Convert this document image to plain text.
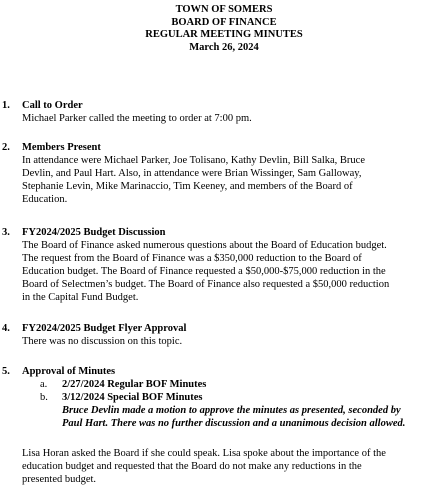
TOWN OF SOMERS
BOARD OF FINANCE
REGULAR MEETING MINUTES
March 26, 2024
1. Call to Order
Michael Parker called the meeting to order at 7:00 pm.
2. Members Present
In attendance were Michael Parker, Joe Tolisano, Kathy Devlin, Bill Salka, Bruce
Devlin, and Paul Hart. Also, in attendance were Brian Wissinger, Sam Galloway,
Stephanie Levin, Mike Marinaccio, Tim Keeney, and members of the Board of
Education.
3. FY2024/2025 Budget Discussion
The Board of Finance asked numerous questions about the Board of Education budget.
The request from the Board of Finance was a $350,000 reduction to the Board of
Education budget. The Board of Finance requested a $50,000-$75,000 reduction in the
Board of Selectmen’s budget. The Board of Finance also requested a $50,000 reduction
in the Capital Fund Budget.
4. FY2024/2025 Budget Flyer Approval
There was no discussion on this topic.
5. Approval of Minutes
a. 2/27/2024 Regular BOF Minutes
b. 3/12/2024 Special BOF Minutes
Bruce Devlin made a motion to approve the minutes as presented, seconded by
Paul Hart. There was no further discussion and a unanimous decision allowed.
Lisa Horan asked the Board if she could speak. Lisa spoke about the importance of the
education budget and requested that the Board do not make any reductions in the
presented budget.
